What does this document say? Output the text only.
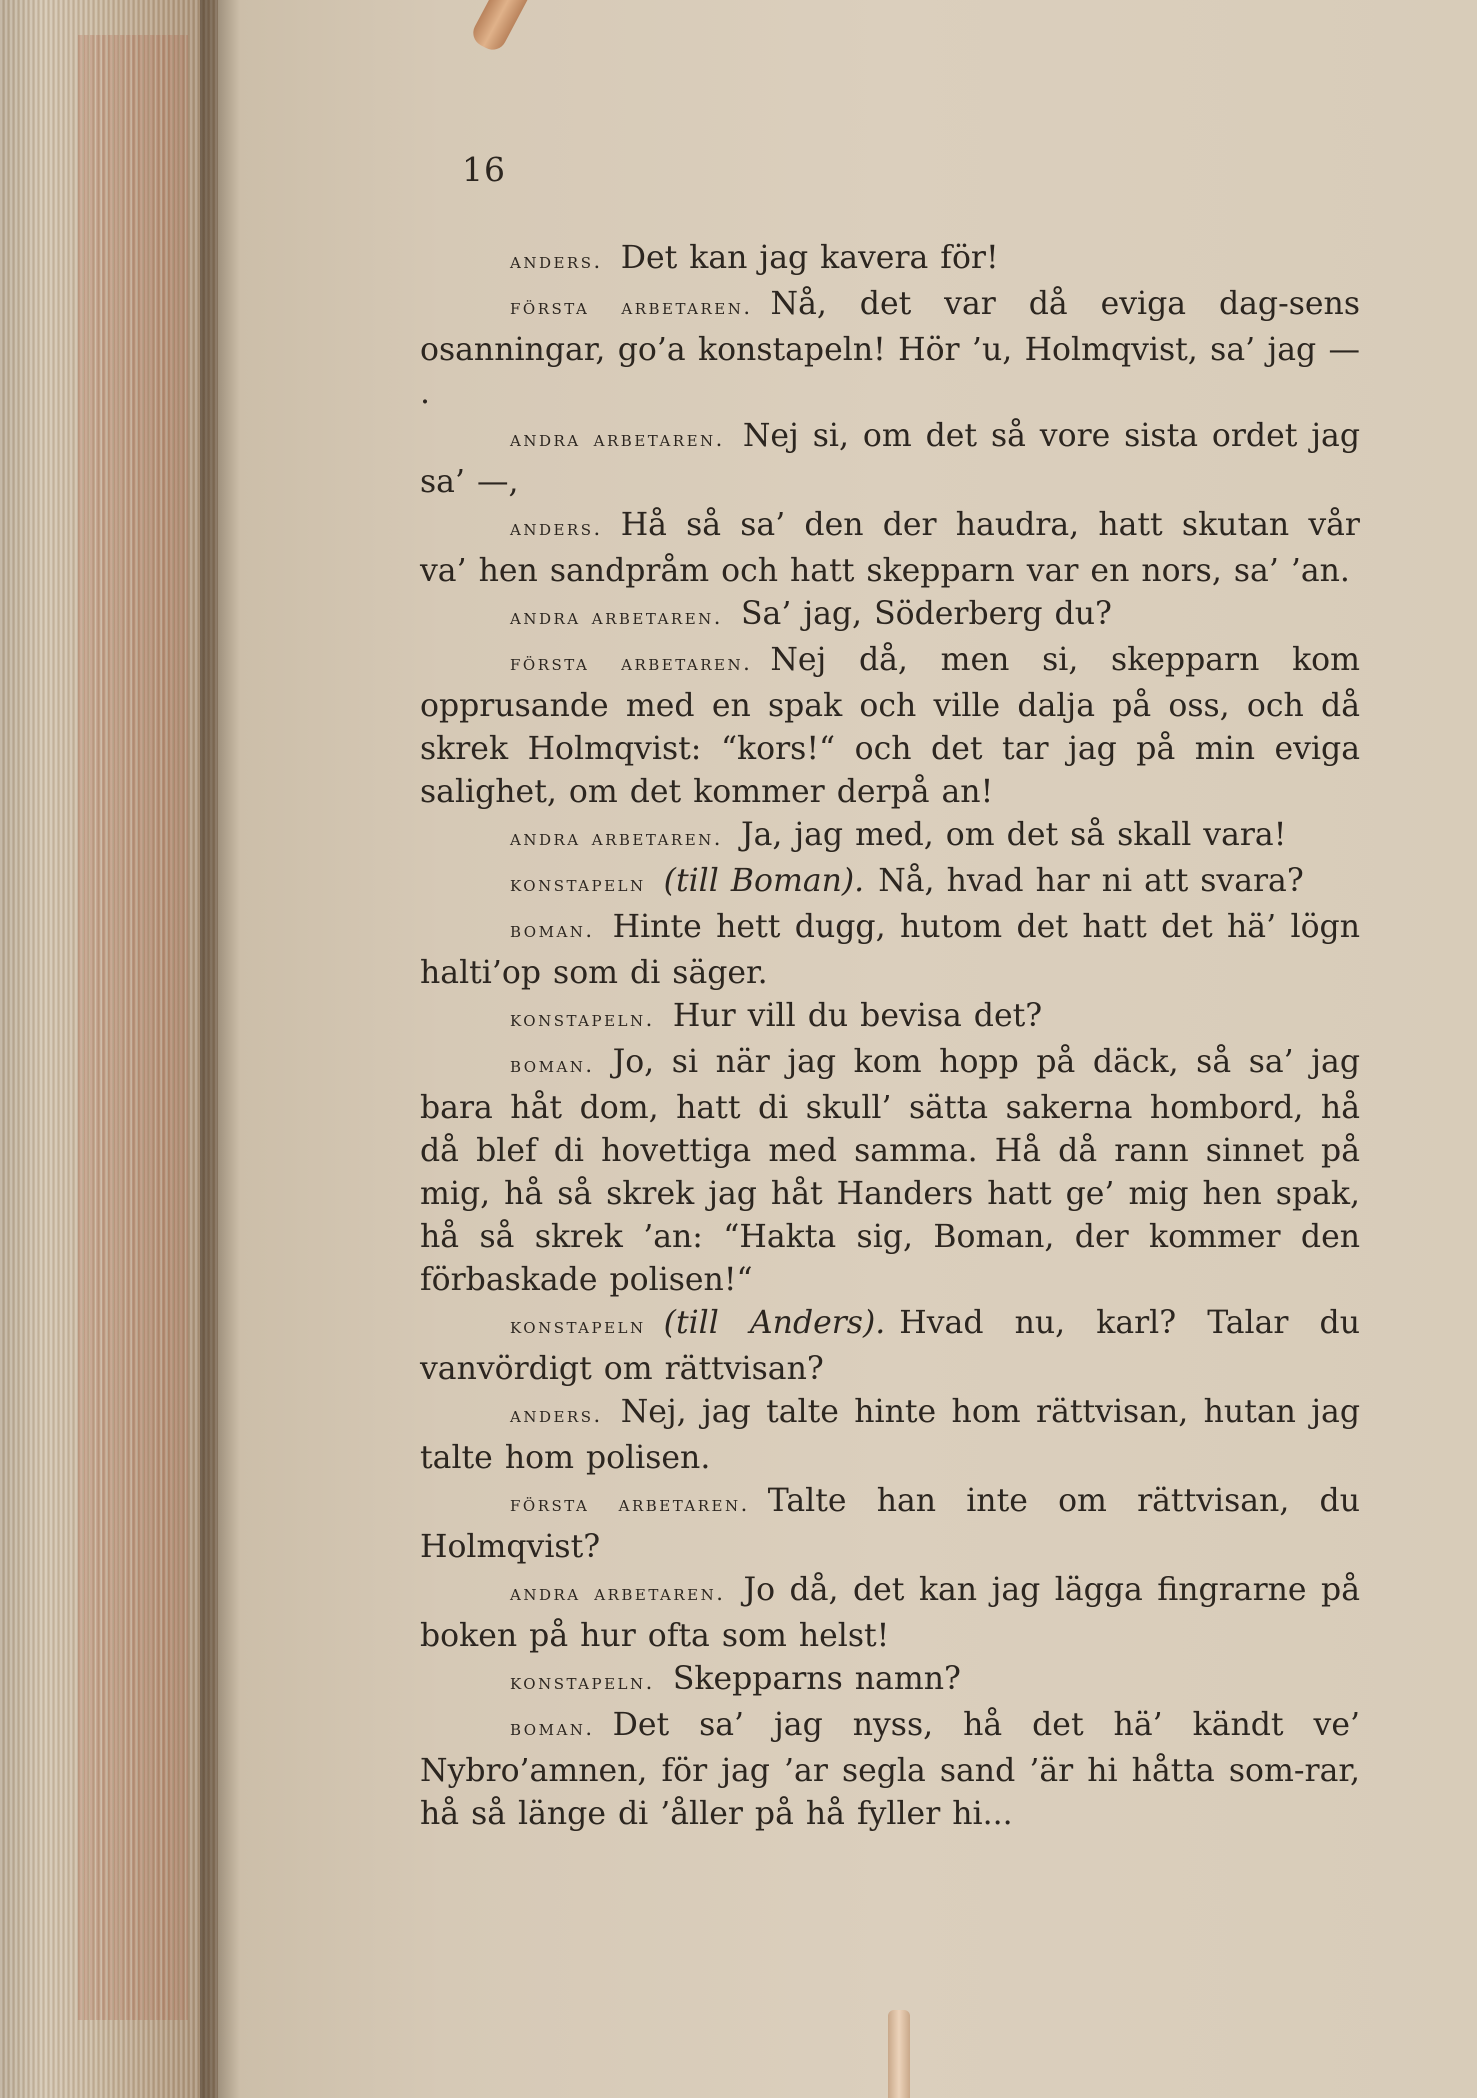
16

anders. Det kan jag kavera för!

första arbetaren. Nå, det var då eviga dag-sens osanningar, go’a konstapeln! Hör ’u, Holmqvist, sa’ jag — .

andra arbetaren. Nej si, om det så vore sista ordet jag sa’ —,

anders. Hå så sa’ den der haudra, hatt skutan vår va’ hen sandpråm och hatt skepparn var en nors, sa’ ’an.

andra arbetaren. Sa’ jag, Söderberg du?

första arbetaren. Nej då, men si, skepparn kom opprusande med en spak och ville dalja på oss, och då skrek Holmqvist: “kors!“ och det tar jag på min eviga salighet, om det kommer derpå an!

andra arbetaren. Ja, jag med, om det så skall vara!

konstapeln (till Boman). Nå, hvad har ni att svara?

boman. Hinte hett dugg, hutom det hatt det hä’ lögn halti’op som di säger.

konstapeln. Hur vill du bevisa det?

boman. Jo, si när jag kom hopp på däck, så sa’ jag bara håt dom, hatt di skull’ sätta sakerna hombord, hå då blef di hovettiga med samma. Hå då rann sinnet på mig, hå så skrek jag håt Handers hatt ge’ mig hen spak, hå så skrek ’an: “Hakta sig, Boman, der kommer den förbaskade polisen!“

konstapeln (till Anders). Hvad nu, karl? Talar du vanvördigt om rättvisan?

anders. Nej, jag talte hinte hom rättvisan, hutan jag talte hom polisen.

första arbetaren. Talte han inte om rättvisan, du Holmqvist?

andra arbetaren. Jo då, det kan jag lägga fingrarne på boken på hur ofta som helst!

konstapeln. Skepparns namn?

boman. Det sa’ jag nyss, hå det hä’ kändt ve’ Nybro’amnen, för jag ’ar segla sand ’är hi håtta som-rar, hå så länge di ’åller på hå fyller hi...
